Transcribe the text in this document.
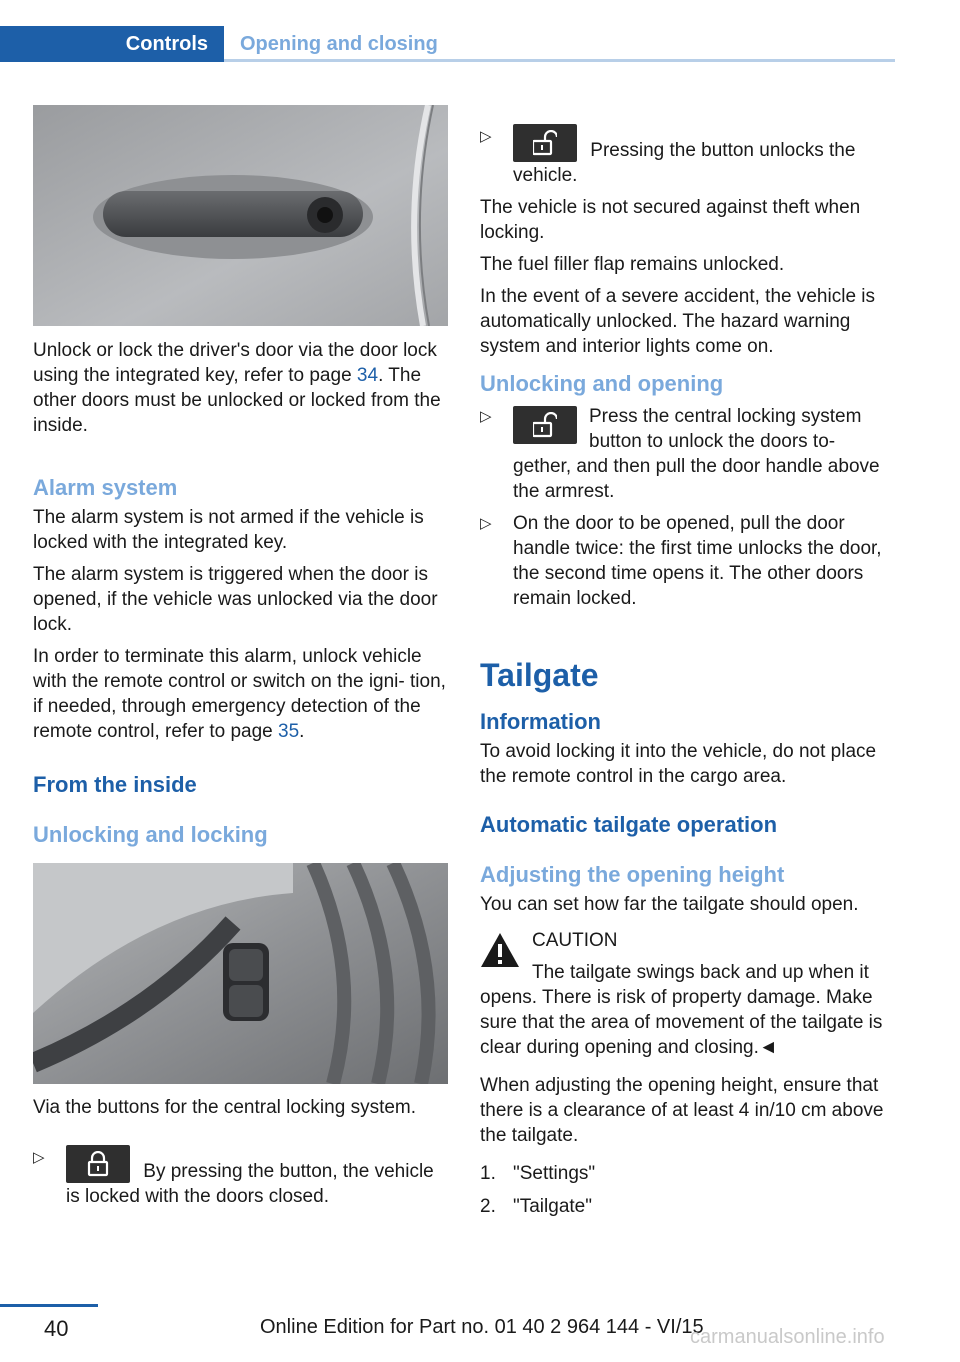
Controls	Opening and closing

Unlock or lock the driver's door via the door lock using the integrated key, refer to page 34. The other doors must be unlocked or locked from the inside.

Alarm system

The alarm system is not armed if the vehicle is locked with the integrated key.

The alarm system is triggered when the door is opened, if the vehicle was unlocked via the door lock.

In order to terminate this alarm, unlock vehicle with the remote control or switch on the igni‐ tion, if needed, through emergency detection of the remote control, refer to page 35.

From the inside
Unlocking and locking

Via the buttons for the central locking system.

▷
By pressing the button, the vehicle is locked with the doors closed.
▷
Pressing the button unlocks the vehicle.

The vehicle is not secured against theft when locking.

The fuel filler flap remains unlocked.

In the event of a severe accident, the vehicle is automatically unlocked. The hazard warning system and interior lights come on.

Unlocking and opening
▷	Press the central locking system button to unlock the doors to‐ gether, and then pull the door handle above the armrest.
▷ On the door to be opened, pull the door handle twice: the first time unlocks the door, the second time opens it. The other doors remain locked.
Tailgate
Information

To avoid locking it into the vehicle, do not place the remote control in the cargo area.

Automatic tailgate operation
Adjusting the opening height

You can set how far the tailgate should open.

CAUTION

The tailgate swings back and up when it opens. There is risk of property damage. Make sure that the area of movement of the tailgate is clear during opening and closing.◄

When adjusting the opening height, ensure that there is a clearance of at least 4 in/10 cm above the tailgate.

1. "Settings"
2. "Tailgate"
40	Online Edition for Part no. 01 40 2 964 144 - VI/15
carmanualsonline.info
